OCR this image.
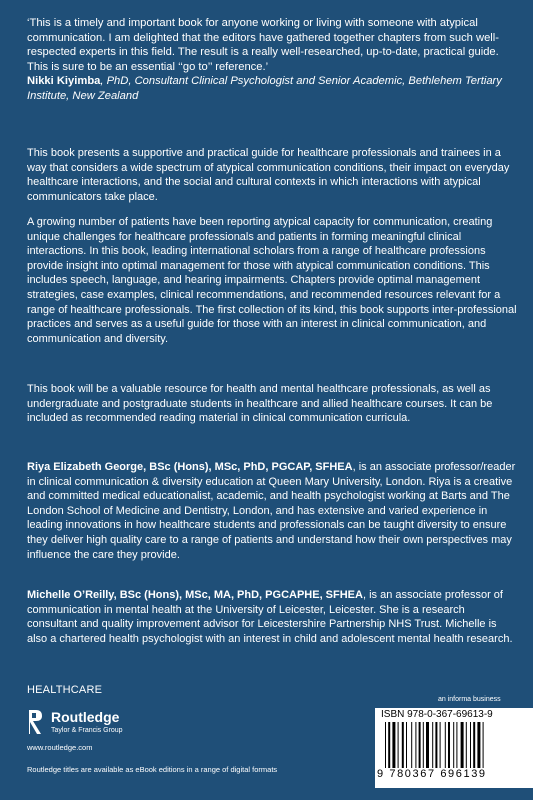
‘This is a timely and important book for anyone working or living with someone with atypical communication. I am delighted that the editors have gathered together chapters from such well-respected experts in this field. The result is a really well-researched, up-to-date, practical guide. This is sure to be an essential ‘‘go to’’ reference.’

Nikki Kiyimba, PhD, Consultant Clinical Psychologist and Senior Academic, Bethlehem Tertiary Institute, New Zealand

This book presents a supportive and practical guide for healthcare professionals and trainees in a way that considers a wide spectrum of atypical communication conditions, their impact on everyday healthcare interactions, and the social and cultural contexts in which interactions with atypical communicators take place.

A growing number of patients have been reporting atypical capacity for communication, creating unique challenges for healthcare professionals and patients in forming meaningful clinical interactions. In this book, leading international scholars from a range of healthcare professions provide insight into optimal management for those with atypical communication conditions. This includes speech, language, and hearing impairments. Chapters provide optimal management strategies, case examples, clinical recommendations, and recommended resources relevant for a range of healthcare professionals. The first collection of its kind, this book supports inter-professional practices and serves as a useful guide for those with an interest in clinical communication, and communication and diversity.

This book will be a valuable resource for health and mental healthcare professionals, as well as undergraduate and postgraduate students in healthcare and allied healthcare courses. It can be included as recommended reading material in clinical communication curricula.

Riya Elizabeth George, BSc (Hons), MSc, PhD, PGCAP, SFHEA, is an associate professor/reader in clinical communication & diversity education at Queen Mary University, London. Riya is a creative and committed medical educationalist, academic, and health psychologist working at Barts and The London School of Medicine and Dentistry, London, and has extensive and varied experience in leading innovations in how healthcare students and professionals can be taught diversity to ensure they deliver high quality care to a range of patients and understand how their own perspectives may influence the care they provide.

Michelle O’Reilly, BSc (Hons), MSc, MA, PhD, PGCAPHE, SFHEA, is an associate professor of communication in mental health at the University of Leicester, Leicester. She is a research consultant and quality improvement advisor for Leicestershire Partnership NHS Trust. Michelle is also a chartered health psychologist with an interest in child and adolescent mental health research.

HEALTHCARE
Routledge
Taylor & Francis Group
www.routledge.com
Routledge titles are available as eBook editions in a range of digital formats
an informa business
ISBN 978-0-367-69613-9
9 780367 696139
